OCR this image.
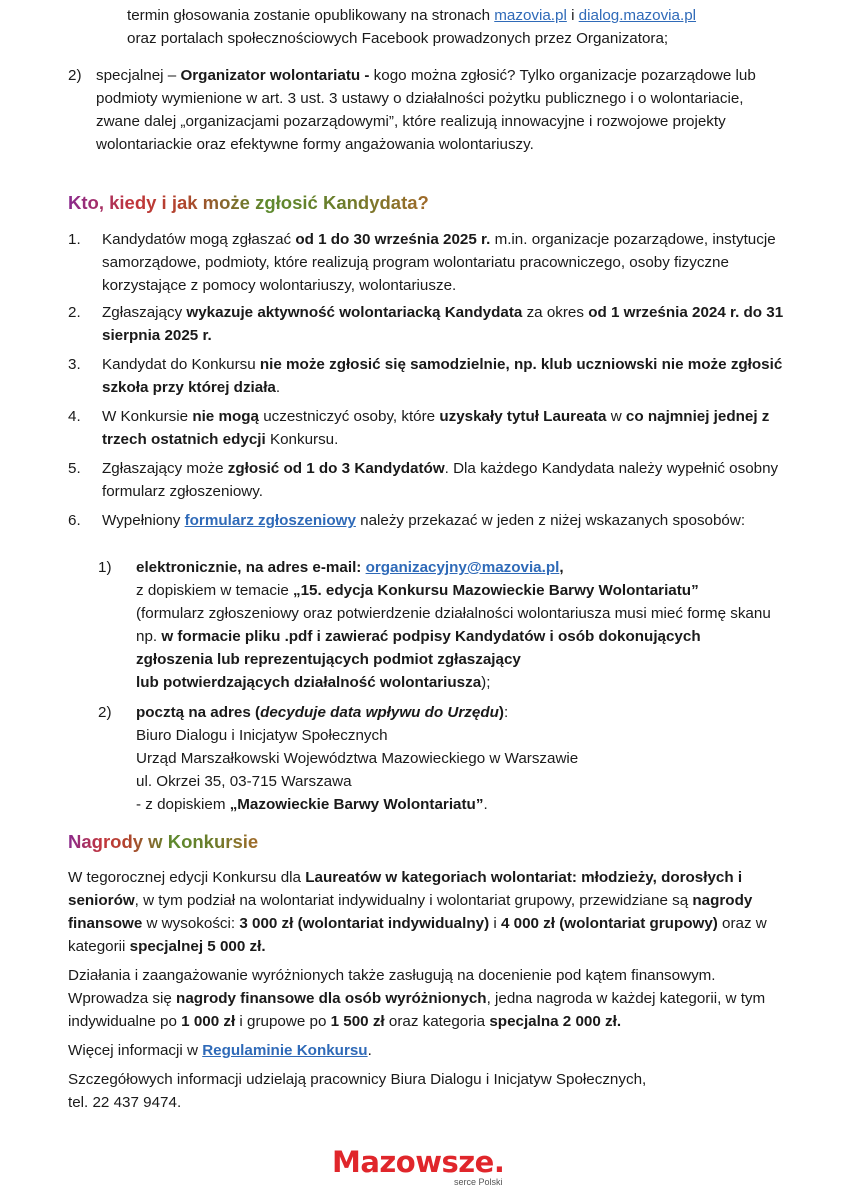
termin głosowania zostanie opublikowany na stronach mazovia.pl i dialog.mazovia.pl
oraz portalach społecznościowych Facebook prowadzonych przez Organizatora;
2) specjalnej – Organizator wolontariatu - kogo można zgłosić? Tylko organizacje pozarządowe lub podmioty wymienione w art. 3 ust. 3 ustawy o działalności pożytku publicznego i o wolontariacie, zwane dalej „organizacjami pozarządowymi”, które realizują innowacyjne i rozwojowe projekty wolontariackie oraz efektywne formy angażowania wolontariuszy.
Kto, kiedy i jak może zgłosić Kandydata?
1.	Kandydatów mogą zgłaszać od 1 do 30 września 2025 r. m.in. organizacje pozarządowe, instytucje samorządowe, podmioty, które realizują program wolontariatu pracowniczego, osoby fizyczne korzystające z pomocy wolontariuszy, wolontariusze.
2.	Zgłaszający wykazuje aktywność wolontariacką Kandydata za okres od 1 września 2024 r. do 31 sierpnia 2025 r.
3.	Kandydat do Konkursu nie może zgłosić się samodzielnie, np. klub uczniowski nie może zgłosić szkoła przy której działa.
4.	W Konkursie nie mogą uczestniczyć osoby, które uzyskały tytuł Laureata w co najmniej jednej z trzech ostatnich edycji Konkursu.
5.	Zgłaszający może zgłosić od 1 do 3 Kandydatów. Dla każdego Kandydata należy wypełnić osobny formularz zgłoszeniowy.
6.	Wypełniony formularz zgłoszeniowy należy przekazać w jeden z niżej wskazanych sposobów:
1)	elektronicznie, na adres e-mail: organizacyjny@mazovia.pl,
z dopiskiem w temacie „15. edycja Konkursu Mazowieckie Barwy Wolontariatu”
(formularz zgłoszeniowy oraz potwierdzenie działalności wolontariusza musi mieć formę skanu np. w formacie pliku .pdf i zawierać podpisy Kandydatów i osób dokonujących zgłoszenia lub reprezentujących podmiot zgłaszający
lub potwierdzających działalność wolontariusza);
2)	pocztą na adres (decyduje data wpływu do Urzędu):
Biuro Dialogu i Inicjatyw Społecznych
Urząd Marszałkowski Województwa Mazowieckiego w Warszawie
ul. Okrzei 35, 03-715 Warszawa
- z dopiskiem „Mazowieckie Barwy Wolontariatu”.
Nagrody w Konkursie
W tegorocznej edycji Konkursu dla Laureatów w kategoriach wolontariat: młodzieży, dorosłych i seniorów, w tym podział na wolontariat indywidualny i wolontariat grupowy, przewidziane są nagrody finansowe w wysokości: 3 000 zł (wolontariat indywidualny) i 4 000 zł (wolontariat grupowy) oraz w kategorii specjalnej 5 000 zł.
Działania i zaangażowanie wyróżnionych także zasługują na docenienie pod kątem finansowym. Wprowadza się nagrody finansowe dla osób wyróżnionych, jedna nagroda w każdej kategorii, w tym indywidualne po 1 000 zł i grupowe po 1 500 zł oraz kategoria specjalna 2 000 zł.
Więcej informacji w Regulaminie Konkursu.
Szczegółowych informacji udzielają pracownicy Biura Dialogu i Inicjatyw Społecznych,
tel. 22 437 9474.
Mazowsze.
serce Polski
